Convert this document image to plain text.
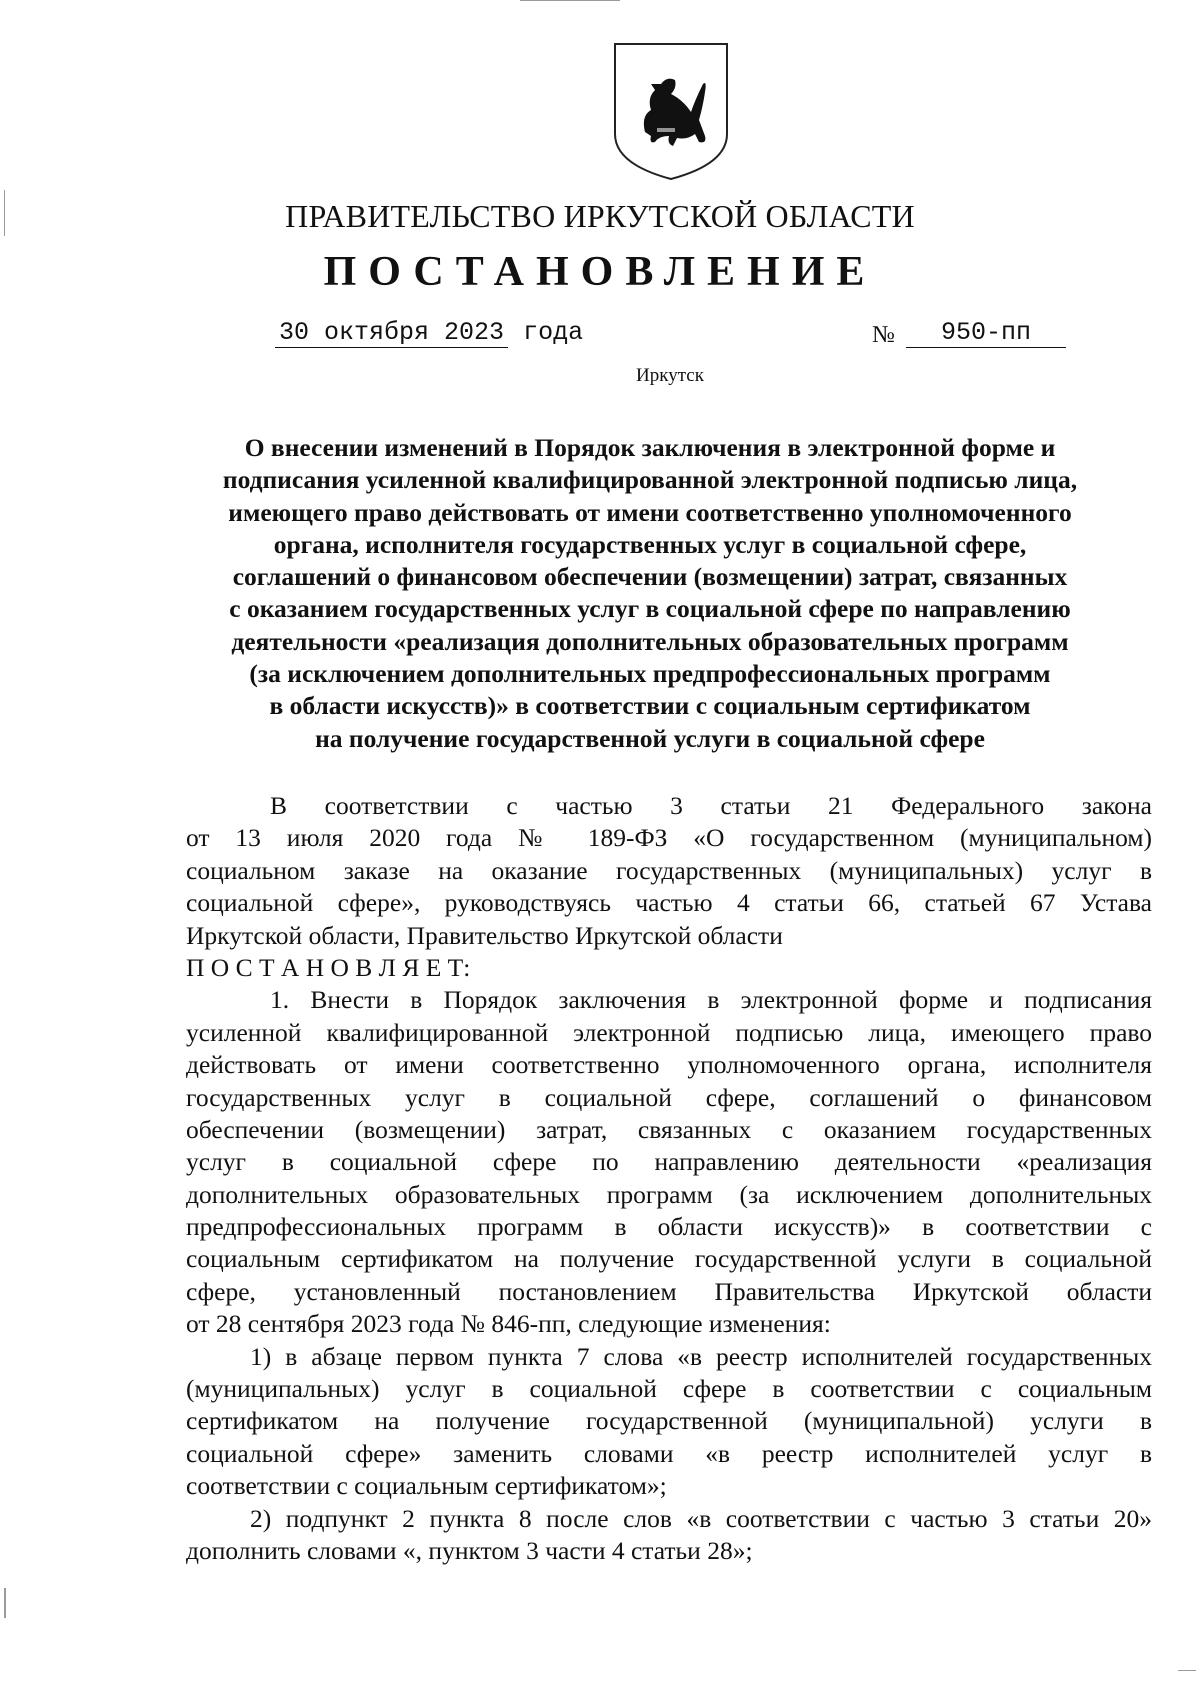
ПРАВИТЕЛЬСТВО ИРКУТСКОЙ ОБЛАСТИ
ПОСТАНОВЛЕНИЕ
30 октября 2023 года	№	950-пп
Иркутск
О внесении изменений в Порядок заключения в электронной форме и
подписания усиленной квалифицированной электронной подписью лица,
имеющего право действовать от имени соответственно уполномоченного
органа, исполнителя государственных услуг в социальной сфере,
соглашений о финансовом обеспечении (возмещении) затрат, связанных
с оказанием государственных услуг в социальной сфере по направлению
деятельности «реализация дополнительных образовательных программ
(за исключением дополнительных предпрофессиональных программ
в области искусств)» в соответствии с социальным сертификатом
на получение государственной услуги в социальной сфере
В соответствии с частью 3 статьи 21 Федерального закона
от 13 июля 2020 года № 189-ФЗ «О государственном (муниципальном)
социальном заказе на оказание государственных (муниципальных) услуг в
социальной сфере», руководствуясь частью 4 статьи 66, статьей 67 Устава
Иркутской области, Правительство Иркутской области
П О С Т А Н О В Л Я Е Т:
1. Внести в Порядок заключения в электронной форме и подписания
усиленной квалифицированной электронной подписью лица, имеющего право
действовать от имени соответственно уполномоченного органа, исполнителя
государственных услуг в социальной сфере, соглашений о финансовом
обеспечении (возмещении) затрат, связанных с оказанием государственных
услуг в социальной сфере по направлению деятельности «реализация
дополнительных образовательных программ (за исключением дополнительных
предпрофессиональных программ в области искусств)» в соответствии с
социальным сертификатом на получение государственной услуги в социальной
сфере, установленный постановлением Правительства Иркутской области
от 28 сентября 2023 года № 846-пп, следующие изменения:
1) в абзаце первом пункта 7 слова «в реестр исполнителей государственных
(муниципальных) услуг в социальной сфере в соответствии с социальным
сертификатом на получение государственной (муниципальной) услуги в
социальной сфере» заменить словами «в реестр исполнителей услуг в
соответствии с социальным сертификатом»;
2) подпункт 2 пункта 8 после слов «в соответствии с частью 3 статьи 20»
дополнить словами «, пунктом 3 части 4 статьи 28»;
